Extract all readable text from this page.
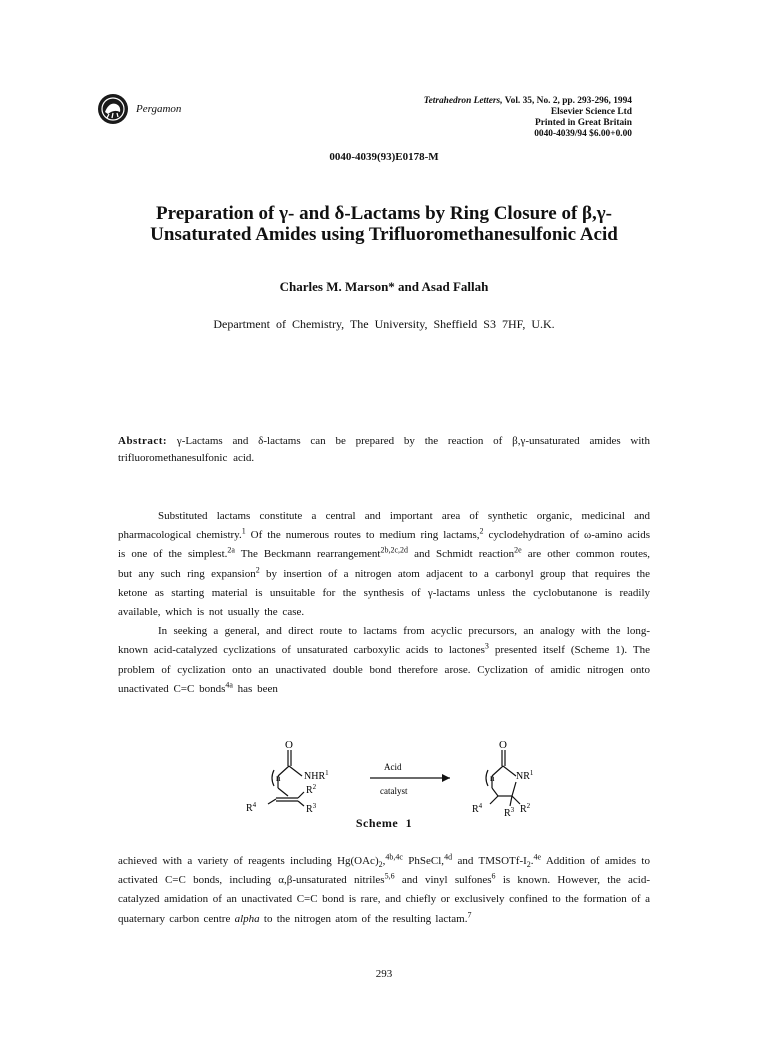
Pergamon
Tetrahedron Letters, Vol. 35, No. 2, pp. 293-296, 1994
Elsevier Science Ltd
Printed in Great Britain
0040-4039/94 $6.00+0.00
0040-4039(93)E0178-M
Preparation of γ- and δ-Lactams by Ring Closure of β,γ-
Unsaturated Amides using Trifluoromethanesulfonic Acid
Charles M. Marson* and Asad Fallah
Department of Chemistry, The University, Sheffield S3 7HF, U.K.
Abstract: γ-Lactams and δ-lactams can be prepared by the reaction of β,γ-unsaturated amides with trifluoromethanesulfonic acid.

Substituted lactams constitute a central and important area of synthetic organic, medicinal and pharmacological chemistry.$^1$ Of the numerous routes to medium ring lactams,$^2$ cyclodehydration of ω-amino acids is one of the simplest.$^{2a}$ The Beckmann rearrangement$^{2b,2c,2d}$ and Schmidt reaction$^{2e}$ are other common routes, but any such ring expansion$^2$ by insertion of a nitrogen atom adjacent to a carbonyl group that requires the ketone as starting material is unsuitable for the synthesis of γ-lactams unless the cyclobutanone is readily available, which is not usually the case.

In seeking a general, and direct route to lactams from acyclic precursors, an analogy with the long-known acid-catalyzed cyclizations of unsaturated carboxylic acids to lactones$^3$ presented itself (Scheme 1). The problem of cyclization onto an unactivated double bond therefore arose. Cyclization of amidic nitrogen onto unactivated C=C bonds$^{4a}$ has been

O
n NHR$^1$
$R^2$
$R^3$
$R^4$
Acid
catalyst
O
n $NR^1$
$R^4$
$R^3$ $R^2$
Scheme 1

achieved with a variety of reagents including $Hg(OAc)_2,^{4b,4c}$ PhSeCl,$^{4d}$ and TMSOTf-$I_2.^{4e}$ Addition of amides to activated C=C bonds, including α,β-unsaturated nitriles$^{5,6}$ and vinyl sulfones$^6$ is known. However, the acid-catalyzed amidation of an unactivated C=C bond is rare, and chiefly or exclusively confined to the formation of a quaternary carbon centre alpha to the nitrogen atom of the resulting lactam.$^7$

293
